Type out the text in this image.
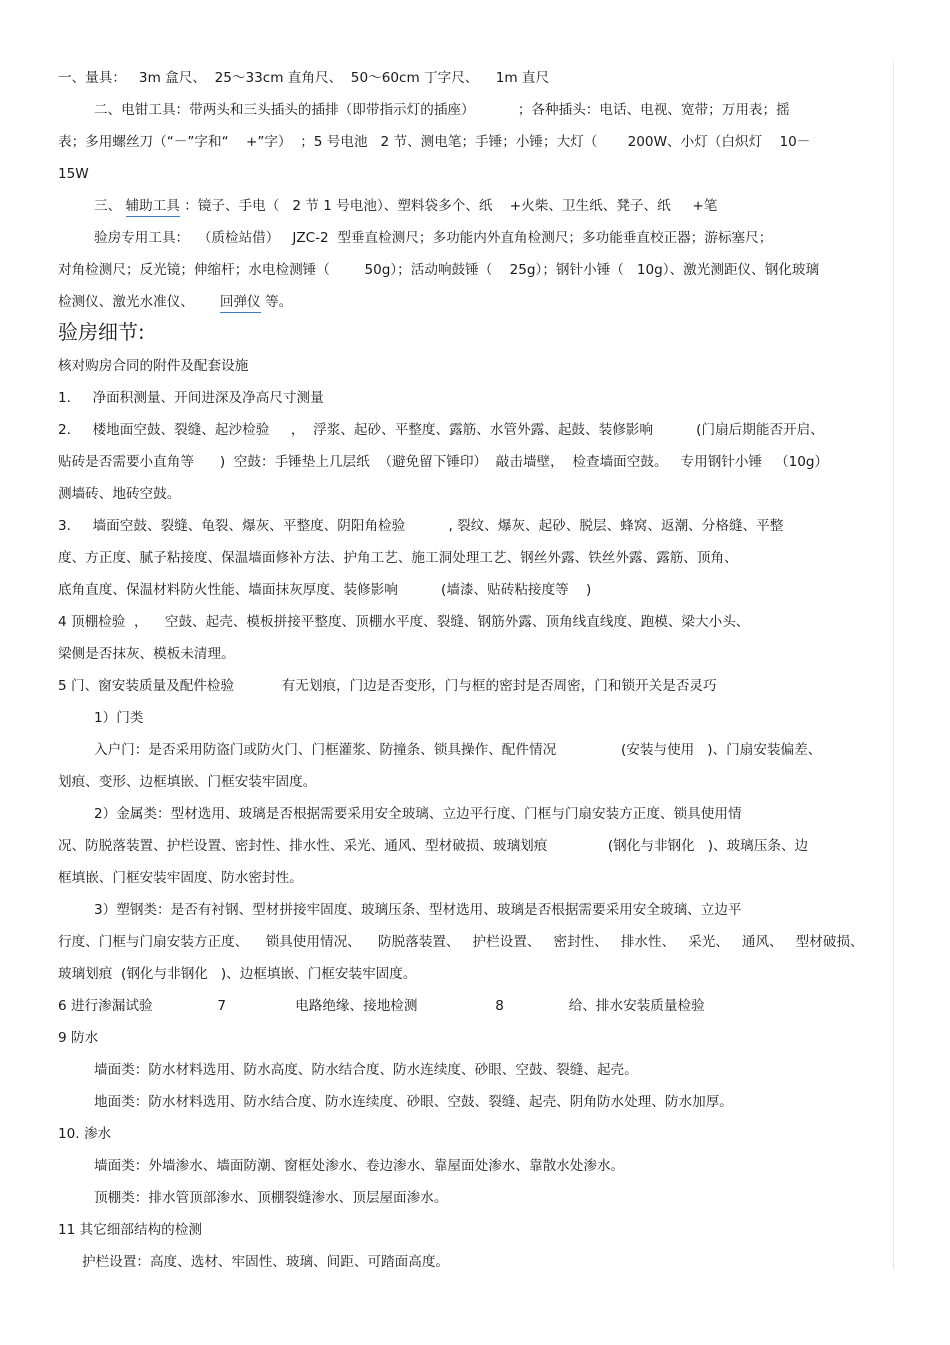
一、量具：   3m 盒尺、  25～33cm 直角尺、  50～60cm 丁字尺、    1m 直尺
二、电钳工具：带两头和三头插头的插排（即带指示灯的插座）          ；各种插头：电话、电视、宽带；万用表；摇
表；多用螺丝刀（“－”字和“    +”字）  ；5 号电池   2 节、测电笔；手锤；小锤；大灯（       200W、小灯（白炽灯    10－
15W
三、 辅助工具 ：镜子、手电（   2 节 1 号电池）、塑料袋多个、纸    +火柴、卫生纸、凳子、纸     +笔
验房专用工具：  （质检站借）   JZC-2  型垂直检测尺；多功能内外直角检测尺；多功能垂直校正器；游标塞尺；
对角检测尺；反光镜；伸缩杆；水电检测锤（        50g）；活动响鼓锤（    25g）；钢针小锤（   10g）、激光测距仪、钢化玻璃
检测仪、激光水准仪、      回弹仪 等。
验房细节:
核对购房合同的附件及配套设施
1.     净面积测量、开间进深及净高尺寸测量
2.     楼地面空鼓、裂缝、起沙检验     ，  浮浆、起砂、平整度、露筋、水管外露、起鼓、装修影响          (门扇后期能否开启、
贴砖是否需要小直角等      )  空鼓：手锤垫上几层纸  （避免留下锤印）  敲击墙壁，  检查墙面空鼓。   专用钢针小锤   （10g）
测墙砖、地砖空鼓。
3.     墙面空鼓、裂缝、龟裂、爆灰、平整度、阴阳角检验          , 裂纹、爆灰、起砂、脱层、蜂窝、返潮、分格缝、平整
度、方正度、腻子粘接度、保温墙面修补方法、护角工艺、施工洞处理工艺、钢丝外露、铁丝外露、露筋、顶角、
底角直度、保温材料防火性能、墙面抹灰厚度、装修影响          (墙漆、贴砖粘接度等    )
4 顶棚检验  ，    空鼓、起壳、模板拼接平整度、顶棚水平度、裂缝、钢筋外露、顶角线直线度、跑模、梁大小头、
梁侧是否抹灰、模板未清理。
5 门、窗安装质量及配件检验           有无划痕，门边是否变形，门与框的密封是否周密，门和锁开关是否灵巧
1）门类
入户门：是否采用防盗门或防火门、门框灌浆、防撞条、锁具操作、配件情况               (安装与使用   )、门扇安装偏差、
划痕、变形、边框填嵌、门框安装牢固度。
2）金属类：型材选用、玻璃是否根据需要采用安全玻璃、立边平行度、门框与门扇安装方正度、锁具使用情
况、防脱落装置、护栏设置、密封性、排水性、采光、通风、型材破损、玻璃划痕              (钢化与非钢化   )、玻璃压条、边
框填嵌、门框安装牢固度、防水密封性。
3）塑钢类：是否有衬钢、型材拼接牢固度、玻璃压条、型材选用、玻璃是否根据需要采用安全玻璃、立边平
行度、门框与门扇安装方正度、    锁具使用情况、    防脱落装置、   护栏设置、   密封性、   排水性、   采光、   通风、   型材破损、
玻璃划痕  (钢化与非钢化   )、边框填嵌、门框安装牢固度。
6 进行渗漏试验               7                电路绝缘、接地检测                  8               给、排水安装质量检验
9 防水
墙面类：防水材料选用、防水高度、防水结合度、防水连续度、砂眼、空鼓、裂缝、起壳。
地面类：防水材料选用、防水结合度、防水连续度、砂眼、空鼓、裂缝、起壳、阴角防水处理、防水加厚。
10. 渗水
墙面类：外墙渗水、墙面防潮、窗框处渗水、卷边渗水、靠屋面处渗水、靠散水处渗水。
顶棚类：排水管顶部渗水、顶棚裂缝渗水、顶层屋面渗水。
11 其它细部结构的检测
护栏设置：高度、选材、牢固性、玻璃、间距、可踏面高度。
